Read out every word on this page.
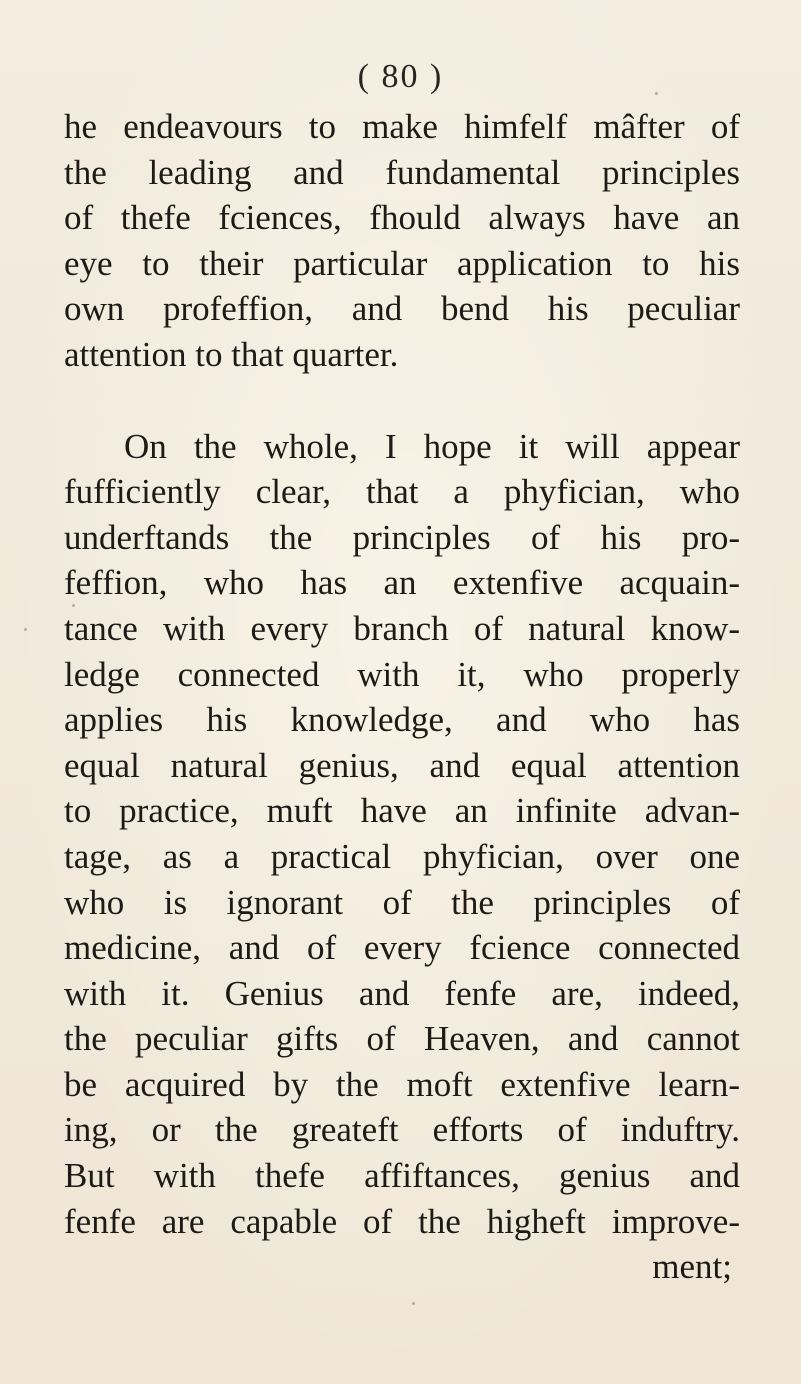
( 80 )
he endeavours to make himfelf mâfter of
the leading and fundamental principles
of thefe fciences, fhould always have an
eye to their particular application to his
own profeffion, and bend his peculiar
attention to that quarter.
On the whole, I hope it will appear
fufficiently clear, that a phyfician, who
underftands the principles of his pro-
feffion, who has an extenfive acquain-
tance with every branch of natural know-
ledge connected with it, who properly
applies his knowledge, and who has
equal natural genius, and equal attention
to practice, muft have an infinite advan-
tage, as a practical phyfician, over one
who is ignorant of the principles of
medicine, and of every fcience connected
with it. Genius and fenfe are, indeed,
the peculiar gifts of Heaven, and cannot
be acquired by the moft extenfive learn-
ing, or the greateft efforts of induftry.
But with thefe affiftances, genius and
fenfe are capable of the higheft improve-
ment;
